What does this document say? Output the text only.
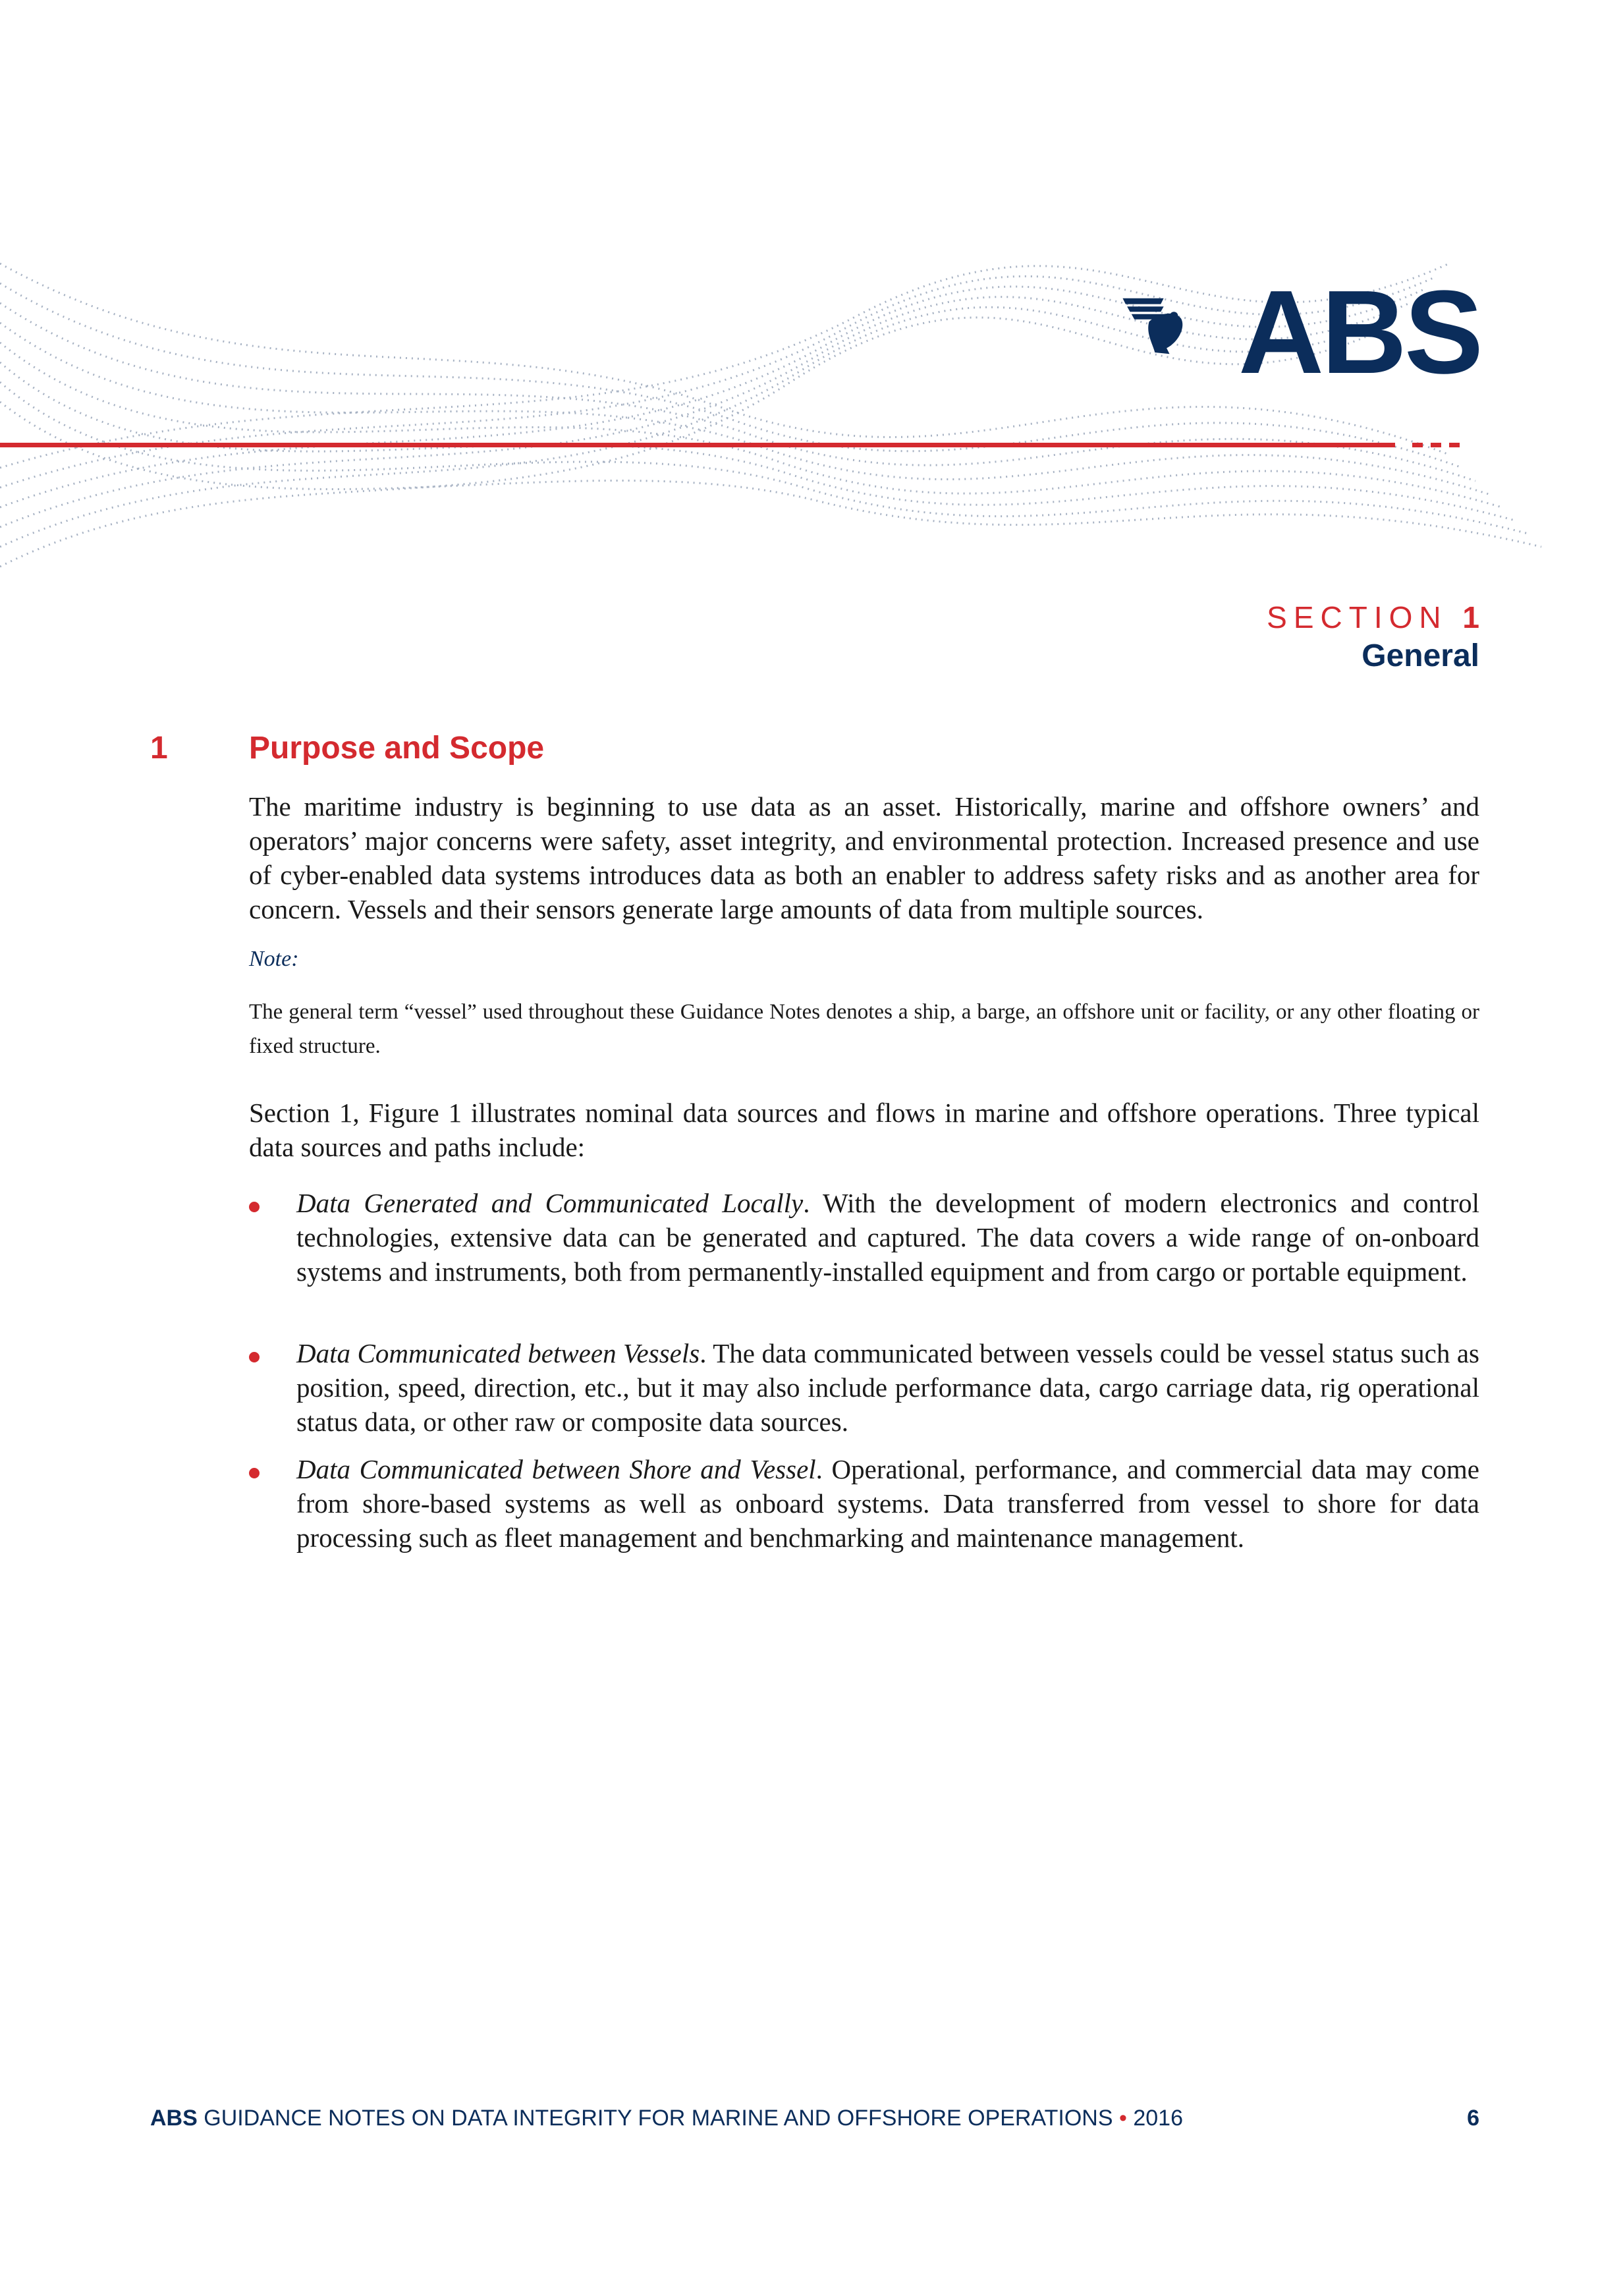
ABS
SECTION 1
General
1	Purpose and Scope

The maritime industry is beginning to use data as an asset. Historically, marine and offshore owners’ and operators’ major concerns were safety, asset integrity, and environmental protection. Increased presence and use of cyber-enabled data systems introduces data as both an enabler to address safety risks and as another area for concern. Vessels and their sensors generate large amounts of data from multiple sources.

Note:

The general term “vessel” used throughout these Guidance Notes denotes a ship, a barge, an offshore unit or facility, or any other floating or fixed structure.

Section 1, Figure 1 illustrates nominal data sources and flows in marine and offshore operations. Three typical data sources and paths include:

Data Generated and Communicated Locally. With the development of modern electronics and control technologies, extensive data can be generated and captured. The data covers a wide range of on-onboard systems and instruments, both from permanently-installed equipment and from cargo or portable equipment.

Data Communicated between Vessels. The data communicated between vessels could be vessel status such as position, speed, direction, etc., but it may also include performance data, cargo carriage data, rig operational status data, or other raw or composite data sources.

Data Communicated between Shore and Vessel. Operational, performance, and commercial data may come from shore-based systems as well as onboard systems. Data transferred from vessel to shore for data processing such as fleet management and benchmarking and maintenance management.

ABS GUIDANCE NOTES ON DATA INTEGRITY FOR MARINE AND OFFSHORE OPERATIONS • 2016	6
